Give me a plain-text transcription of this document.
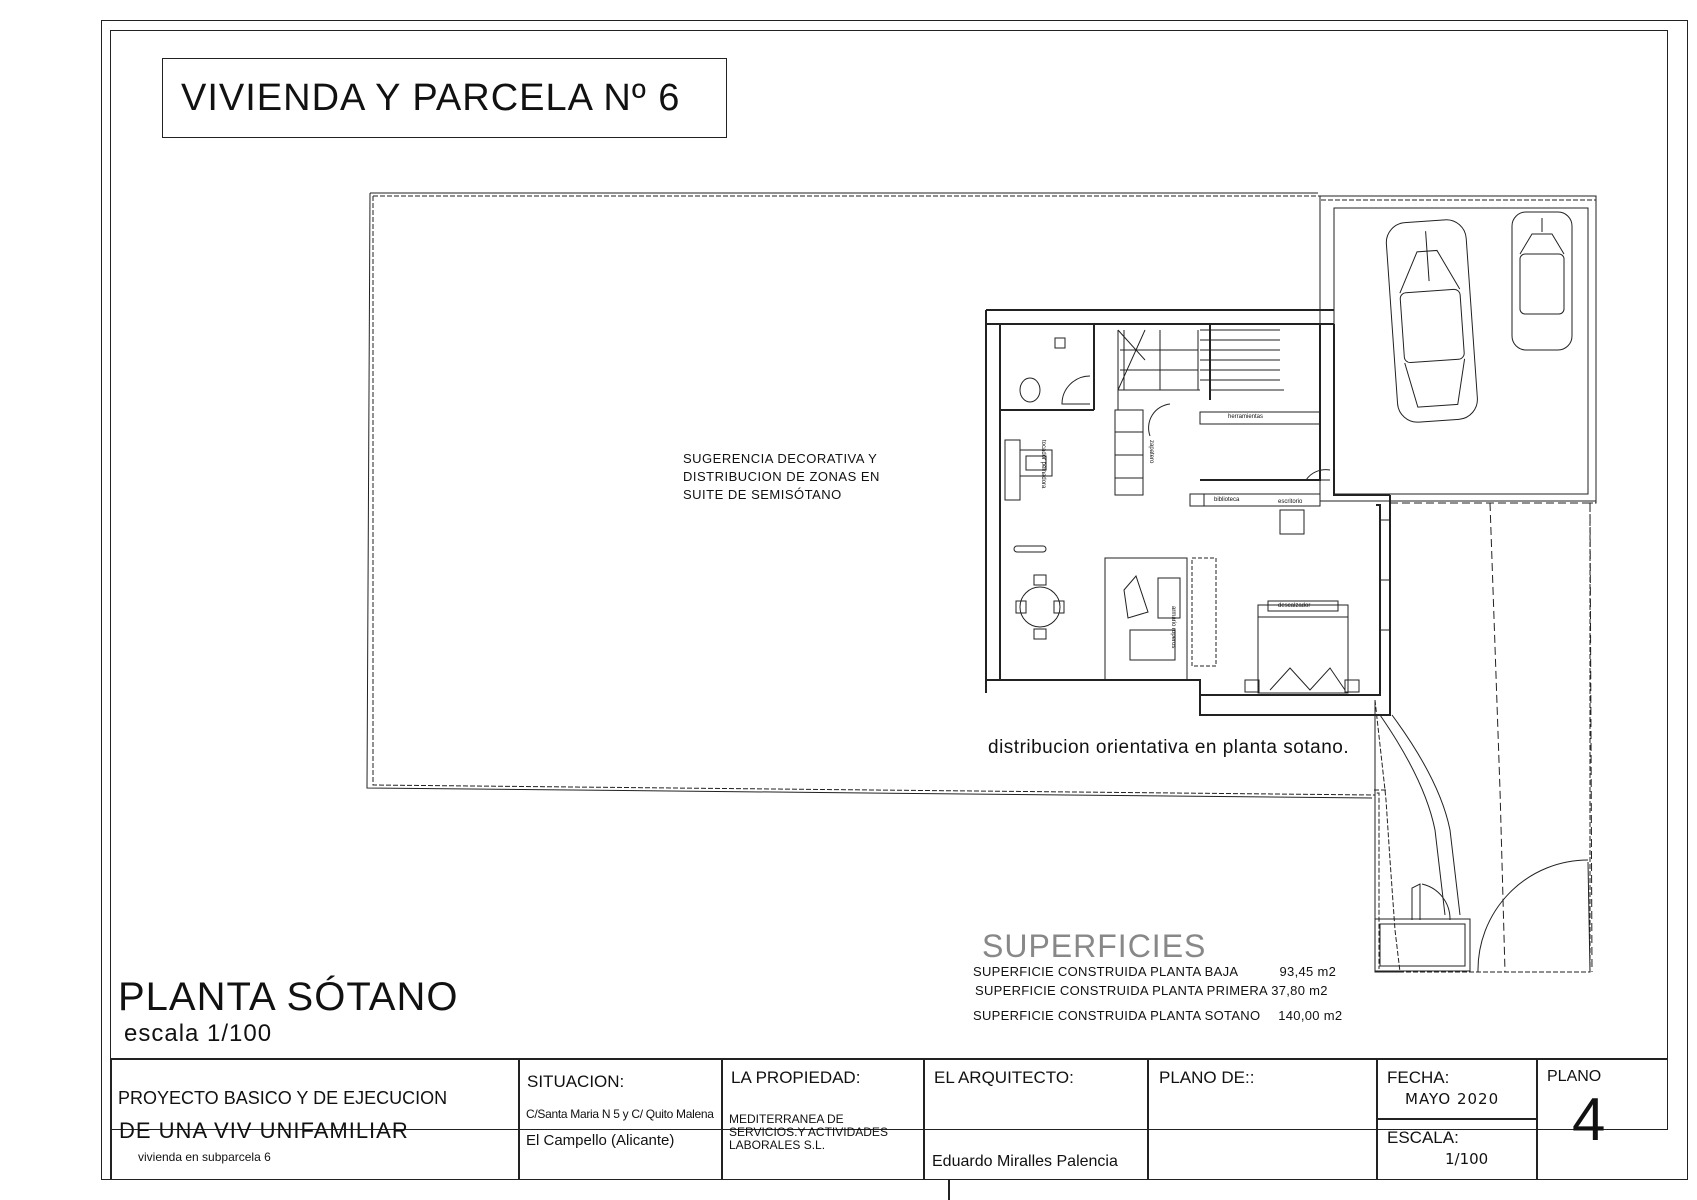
VIVIENDA Y PARCELA Nº 6
SUGERENCIA DECORATIVA Y
DISTRIBUCION DE ZONAS EN
SUITE DE SEMISÓTANO
distribucion orientativa en planta sotano.
herramientas
biblioteca	escritorio
descalzador
armario roperos
zapatero
tocador peinadora
PLANTA SÓTANO
escala 1/100
SUPERFICIES
SUPERFICIE CONSTRUIDA PLANTA BAJA	93,45 m2
SUPERFICIE CONSTRUIDA PLANTA PRIMERA 37,80 m2
SUPERFICIE CONSTRUIDA PLANTA SOTANO 140,00 m2
PROYECTO BASICO Y DE EJECUCION
DE UNA VIV UNIFAMILIAR
vivienda en subparcela 6
SITUACION:
C/Santa Maria N 5 y C/ Quito Malena
El Campello (Alicante)
LA PROPIEDAD:
MEDITERRANEA DE
SERVICIOS.Y ACTIVIDADES
LABORALES S.L.
EL ARQUITECTO:
Eduardo Miralles Palencia
PLANO DE::	FECHA:
MAYO 2020
ESCALA:
1/100
PLANO
4
